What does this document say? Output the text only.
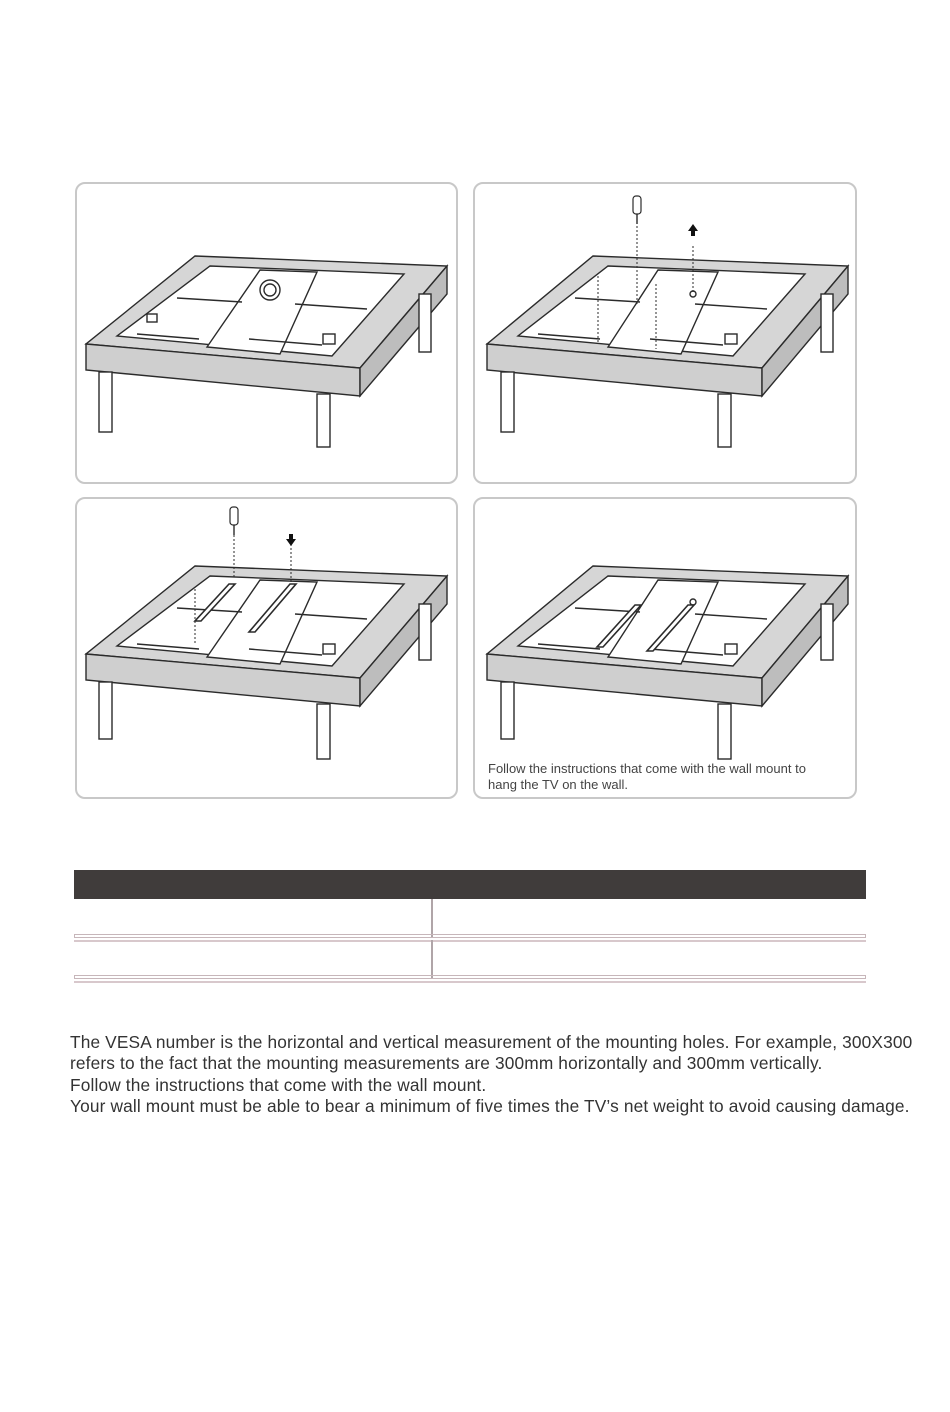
Follow the instructions that come with the wall mount to hang the TV on the wall.

The VESA number is the horizontal and vertical measurement of the mounting holes. For example, 300X300 refers to the fact that the mounting measurements are 300mm horizontally and 300mm vertically.

Follow the instructions that come with the wall mount.

Your wall mount must be able to bear a minimum of five times the TV’s net weight to avoid causing damage.
